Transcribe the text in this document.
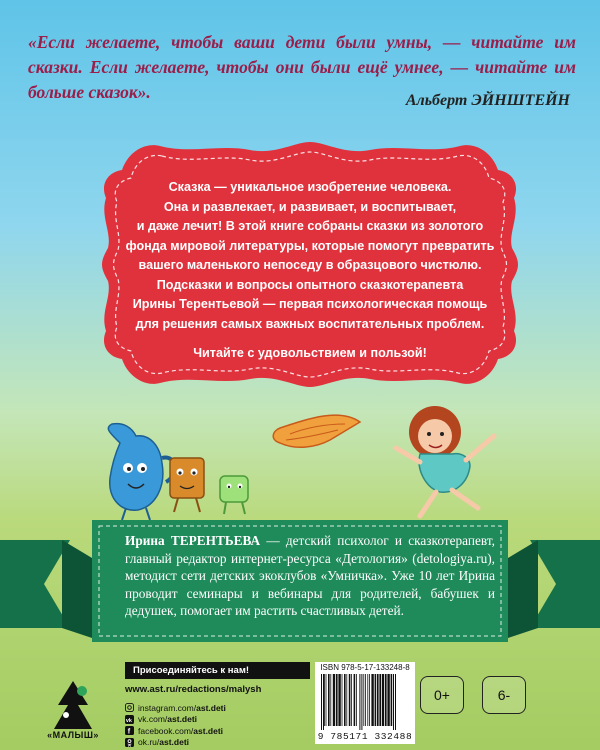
«Если желаете, чтобы ваши дети были умны, — читайте им сказки. Если желаете, чтобы они были ещё умнее, — читайте им больше сказок».	Альберт ЭЙНШТЕЙН

Сказка — уникальное изобретение человека.

Она и развлекает, и развивает, и воспитывает,

и даже лечит! В этой книге собраны сказки из золотого

фонда мировой литературы, которые помогут превратить

вашего маленького непоседу в образцового чистюлю.

Подсказки и вопросы опытного сказкотерапевта

Ирины Терентьевой — первая психологическая помощь

для решения самых важных воспитательных проблем.

Читайте с удовольствием и пользой!

Ирина ТЕРЕНТЬЕВА — детский психолог и сказкотерапевт, главный редактор интернет-ресурса «Детология» (detologiya.ru), методист сети детских экоклубов «Умничка». Уже 10 лет Ирина проводит семинары и вебинары для родителей, бабушек и дедушек, помогает им растить счастливых детей.
«МАЛЫШ»
Присоединяйтесь к нам!
www.ast.ru/redactions/malysh
instagram.com/ ast.deti
vk vk.com/ ast.deti
f facebook.com/ ast.deti
ok.ru/ ast.deti
ISBN 978-5-17-133248-8
9 785171 332488
0+	6-
